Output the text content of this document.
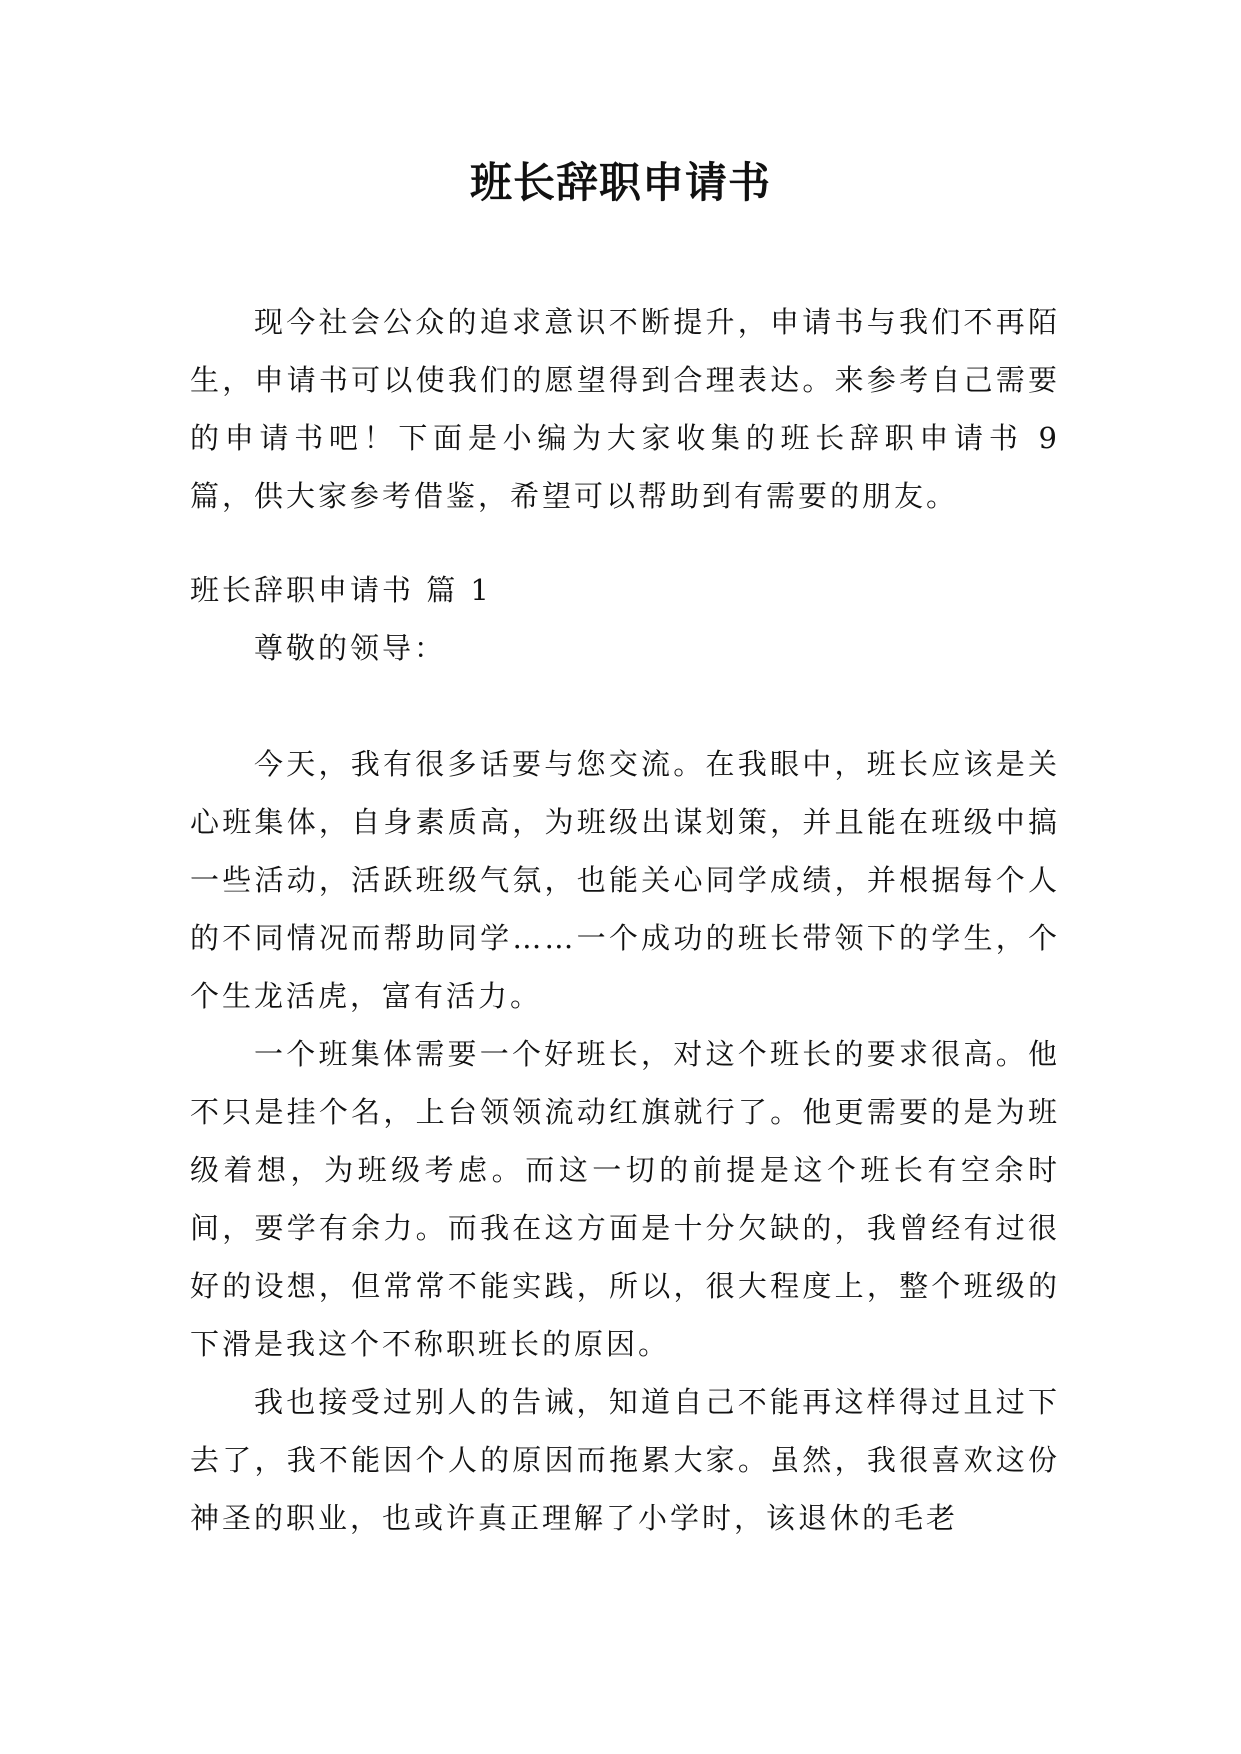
班长辞职申请书

现今社会公众的追求意识不断提升，申请书与我们不再陌生，申请书可以使我们的愿望得到合理表达。来参考自己需要的申请书吧！下面是小编为大家收集的班长辞职申请书 9 篇，供大家参考借鉴，希望可以帮助到有需要的朋友。

班长辞职申请书 篇 1

尊敬的领导：

今天，我有很多话要与您交流。在我眼中，班长应该是关心班集体，自身素质高，为班级出谋划策，并且能在班级中搞一些活动，活跃班级气氛，也能关心同学成绩，并根据每个人的不同情况而帮助同学……一个成功的班长带领下的学生，个个生龙活虎，富有活力。

一个班集体需要一个好班长，对这个班长的要求很高。他不只是挂个名，上台领领流动红旗就行了。他更需要的是为班级着想，为班级考虑。而这一切的前提是这个班长有空余时间，要学有余力。而我在这方面是十分欠缺的，我曾经有过很好的设想，但常常不能实践，所以，很大程度上，整个班级的下滑是我这个不称职班长的原因。

我也接受过别人的告诫，知道自己不能再这样得过且过下去了，我不能因个人的原因而拖累大家。虽然，我很喜欢这份神圣的职业，也或许真正理解了小学时，该退休的毛老
